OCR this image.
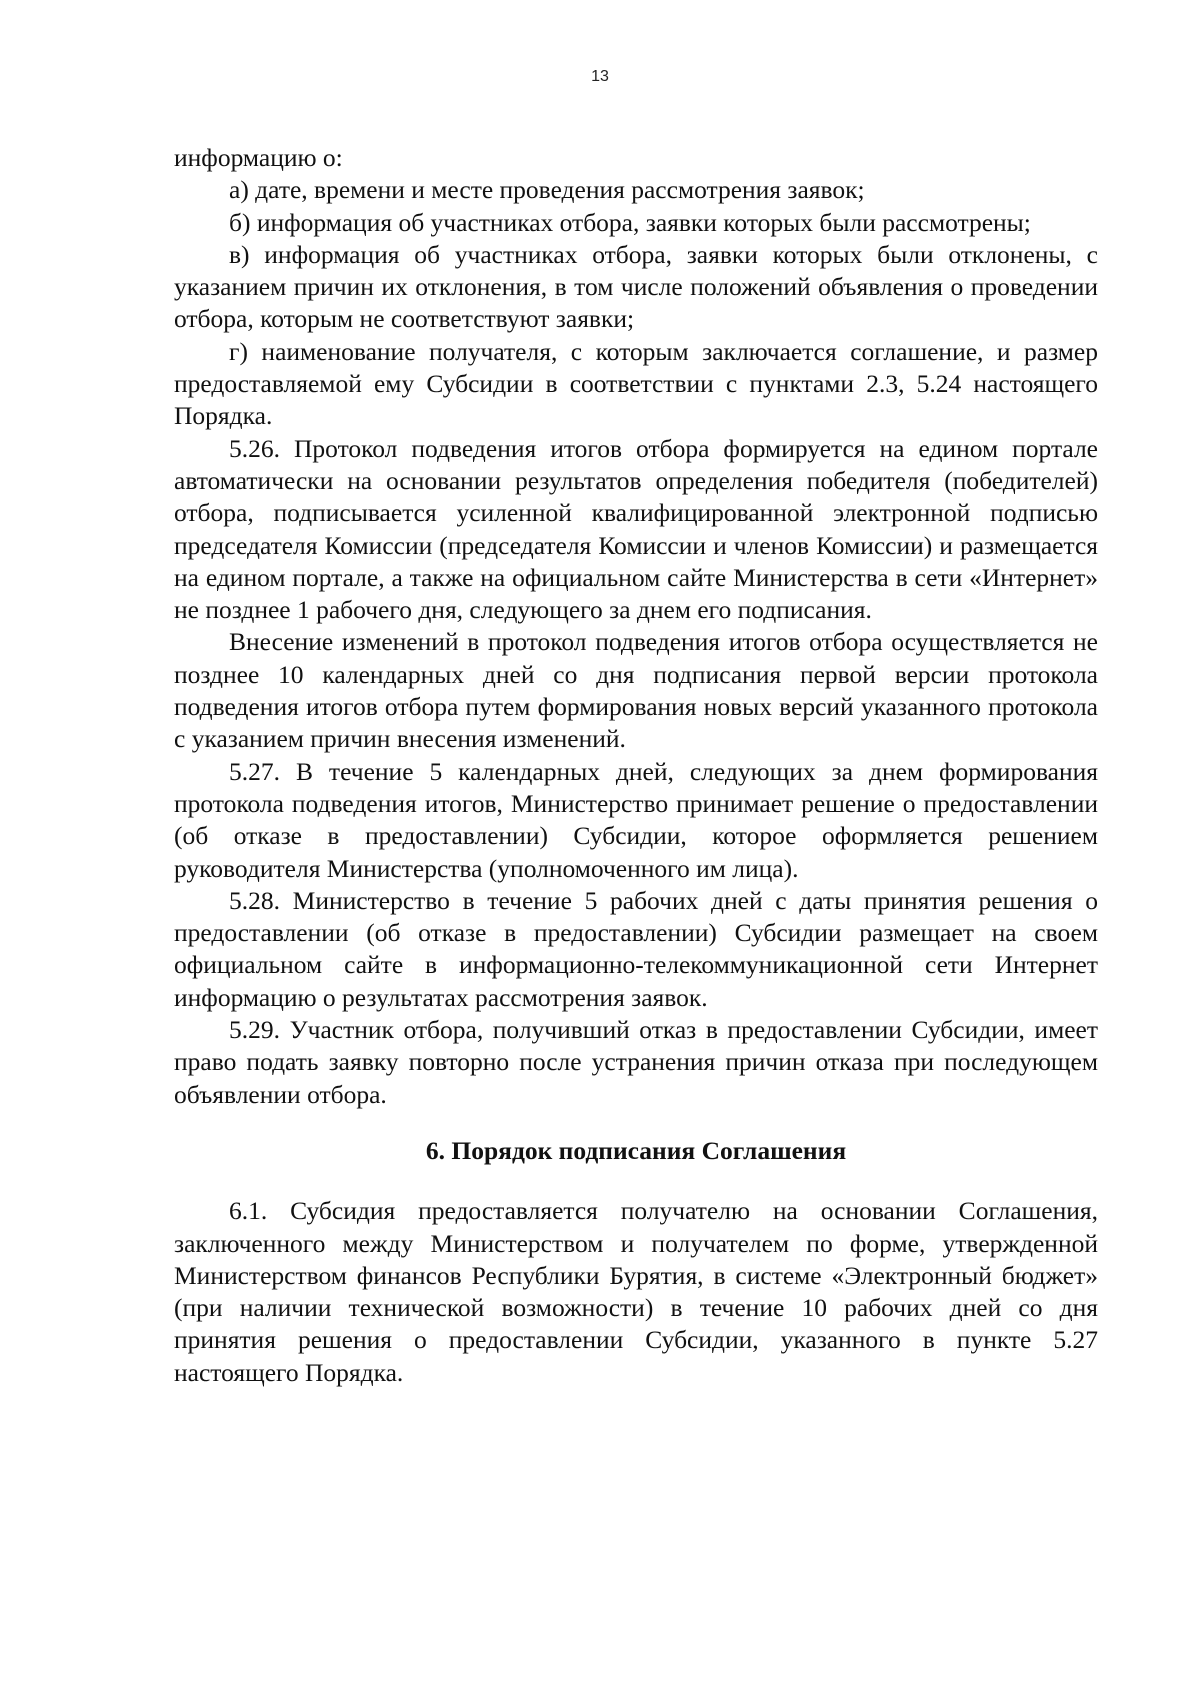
13

информацию о:

а) дате, времени и месте проведения рассмотрения заявок;

б) информация об участниках отбора, заявки которых были рассмотрены;

в) информация об участниках отбора, заявки которых были отклонены, с указанием причин их отклонения, в том числе положений объявления о проведении отбора, которым не соответствуют заявки;

г) наименование получателя, с которым заключается соглашение, и размер предоставляемой ему Субсидии в соответствии с пунктами 2.3, 5.24 настоящего Порядка.

5.26. Протокол подведения итогов отбора формируется на едином портале автоматически на основании результатов определения победителя (победителей) отбора, подписывается усиленной квалифицированной электронной подписью председателя Комиссии (председателя Комиссии и членов Комиссии) и размещается на едином портале, а также на официальном сайте Министерства в сети «Интернет» не позднее 1 рабочего дня, следующего за днем его подписания.

Внесение изменений в протокол подведения итогов отбора осуществляется не позднее 10 календарных дней со дня подписания первой версии протокола подведения итогов отбора путем формирования новых версий указанного протокола с указанием причин внесения изменений.

5.27. В течение 5 календарных дней, следующих за днем формирования протокола подведения итогов, Министерство принимает решение о предоставлении (об отказе в предоставлении) Субсидии, которое оформляется решением руководителя Министерства (уполномоченного им лица).

5.28. Министерство в течение 5 рабочих дней с даты принятия решения о предоставлении (об отказе в предоставлении) Субсидии размещает на своем официальном сайте в информационно-телекоммуникационной сети Интернет информацию о результатах рассмотрения заявок.

5.29. Участник отбора, получивший отказ в предоставлении Субсидии, имеет право подать заявку повторно после устранения причин отказа при последующем объявлении отбора.

6. Порядок подписания Соглашения

6.1. Субсидия предоставляется получателю на основании Соглашения, заключенного между Министерством и получателем по форме, утвержденной Министерством финансов Республики Бурятия, в системе «Электронный бюджет» (при наличии технической возможности) в течение 10 рабочих дней со дня принятия решения о предоставлении Субсидии, указанного в пункте 5.27 настоящего Порядка.
